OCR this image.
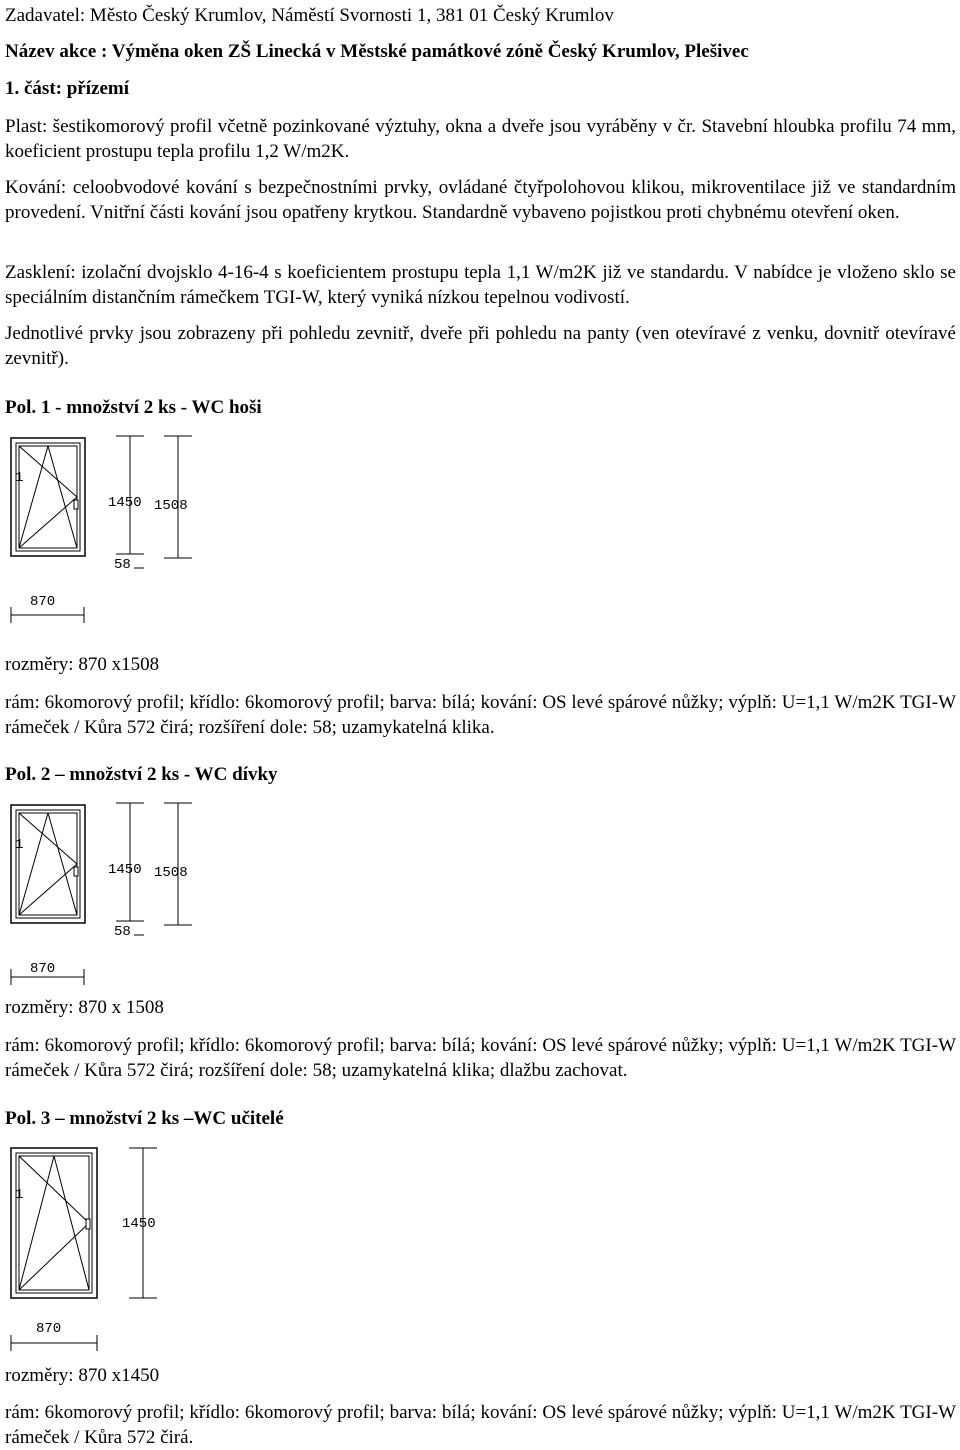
Zadavatel: Město Český Krumlov, Náměstí Svornosti 1, 381 01 Český Krumlov
Název akce : Výměna oken ZŠ Linecká v Městské památkové zóně Český Krumlov, Plešivec
1. část: přízemí
Plast: šestikomorový profil včetně pozinkované výztuhy, okna a dveře jsou vyráběny v čr. Stavební hloubka profilu 74 mm, koeficient prostupu tepla profilu 1,2 W/m2K.
Kování: celoobvodové kování s bezpečnostními prvky, ovládané čtyřpolohovou klikou, mikroventilace již ve standardním provedení. Vnitřní části kování jsou opatřeny krytkou. Standardně vybaveno pojistkou proti chybnému otevření oken.
Zasklení: izolační dvojsklo 4-16-4 s koeficientem prostupu tepla 1,1 W/m2K již ve standardu. V nabídce je vloženo sklo se speciálním distančním rámečkem TGI-W, který vyniká nízkou tepelnou vodivostí.
Jednotlivé prvky jsou zobrazeny při pohledu zevnitř, dveře při pohledu na panty (ven otevíravé z venku, dovnitř otevíravé zevnitř).
Pol. 1 - množství 2 ks - WC hoši
1
1450 1508
58
870
rozměry: 870 x1508
rám: 6komorový profil; křídlo: 6komorový profil; barva: bílá; kování: OS levé spárové nůžky; výplň: U=1,1 W/m2K TGI-W rámeček / Kůra 572 čirá; rozšíření dole: 58; uzamykatelná klika.
Pol. 2 – množství 2 ks - WC dívky
1
1450 1508
58
870
rozměry: 870 x 1508
rám: 6komorový profil; křídlo: 6komorový profil; barva: bílá; kování: OS levé spárové nůžky; výplň: U=1,1 W/m2K TGI-W rámeček / Kůra 572 čirá; rozšíření dole: 58; uzamykatelná klika; dlažbu zachovat.
Pol. 3 – množství 2 ks –WC učitelé
1
1450
870
rozměry: 870 x1450
rám: 6komorový profil; křídlo: 6komorový profil; barva: bílá; kování: OS levé spárové nůžky; výplň: U=1,1 W/m2K TGI-W rámeček / Kůra 572 čirá.
